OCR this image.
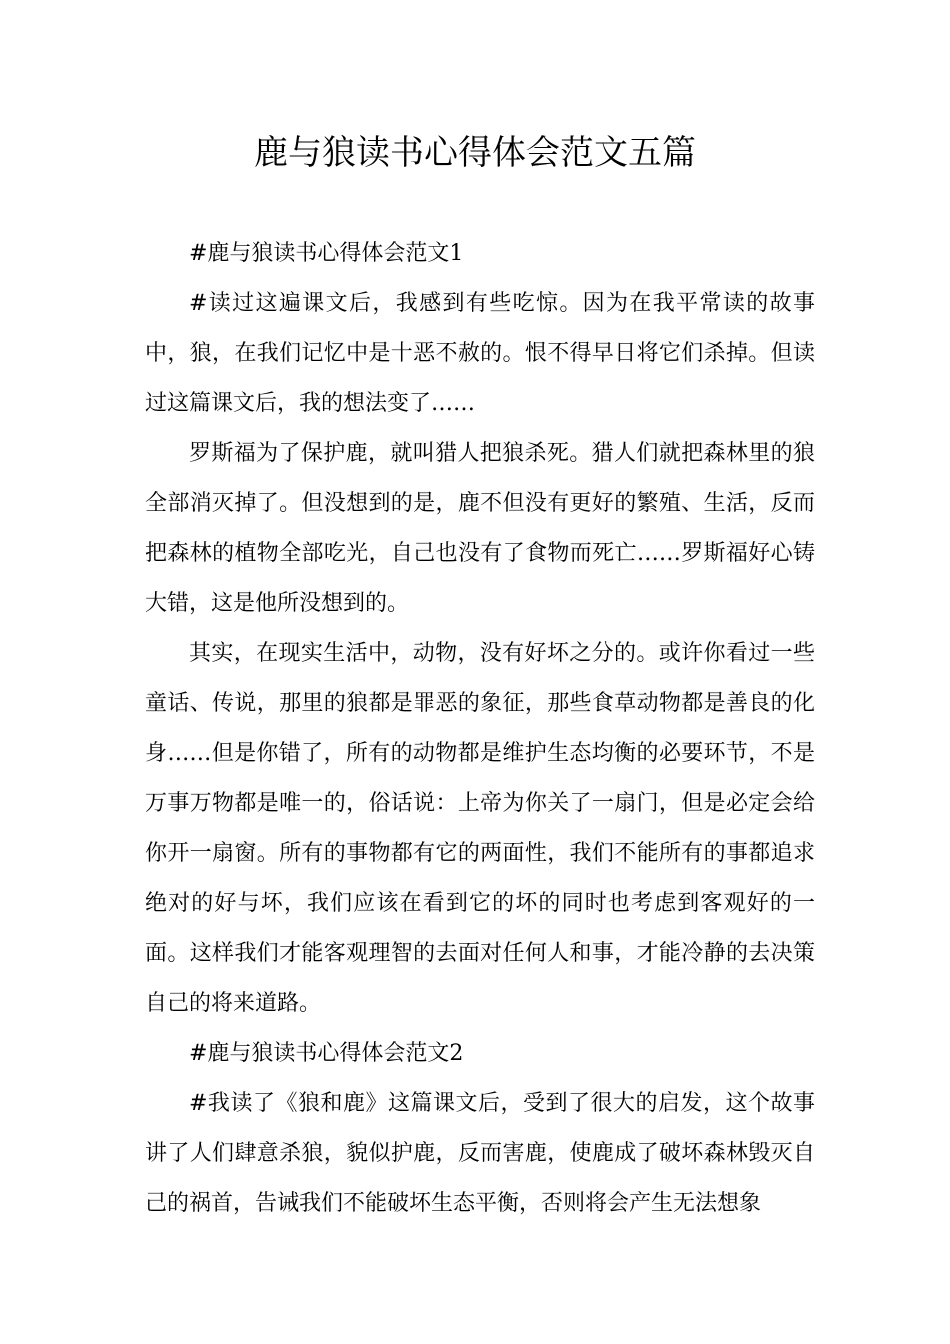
鹿与狼读书心得体会范文五篇

#鹿与狼读书心得体会范文1

#读过这遍课文后，我感到有些吃惊。因为在我平常读的故事中，狼，在我们记忆中是十恶不赦的。恨不得早日将它们杀掉。但读过这篇课文后，我的想法变了……

罗斯福为了保护鹿，就叫猎人把狼杀死。猎人们就把森林里的狼全部消灭掉了。但没想到的是，鹿不但没有更好的繁殖、生活，反而把森林的植物全部吃光，自己也没有了食物而死亡……罗斯福好心铸大错，这是他所没想到的。

其实，在现实生活中，动物，没有好坏之分的。或许你看过一些童话、传说，那里的狼都是罪恶的象征，那些食草动物都是善良的化身……但是你错了，所有的动物都是维护生态均衡的必要环节，不是万事万物都是唯一的，俗话说：上帝为你关了一扇门，但是必定会给你开一扇窗。所有的事物都有它的两面性，我们不能所有的事都追求绝对的好与坏，我们应该在看到它的坏的同时也考虑到客观好的一面。这样我们才能客观理智的去面对任何人和事，才能冷静的去决策自己的将来道路。

#鹿与狼读书心得体会范文2

#我读了《狼和鹿》这篇课文后，受到了很大的启发，这个故事讲了人们肆意杀狼，貌似护鹿，反而害鹿，使鹿成了破坏森林毁灭自己的祸首，告诫我们不能破坏生态平衡，否则将会产生无法想象
